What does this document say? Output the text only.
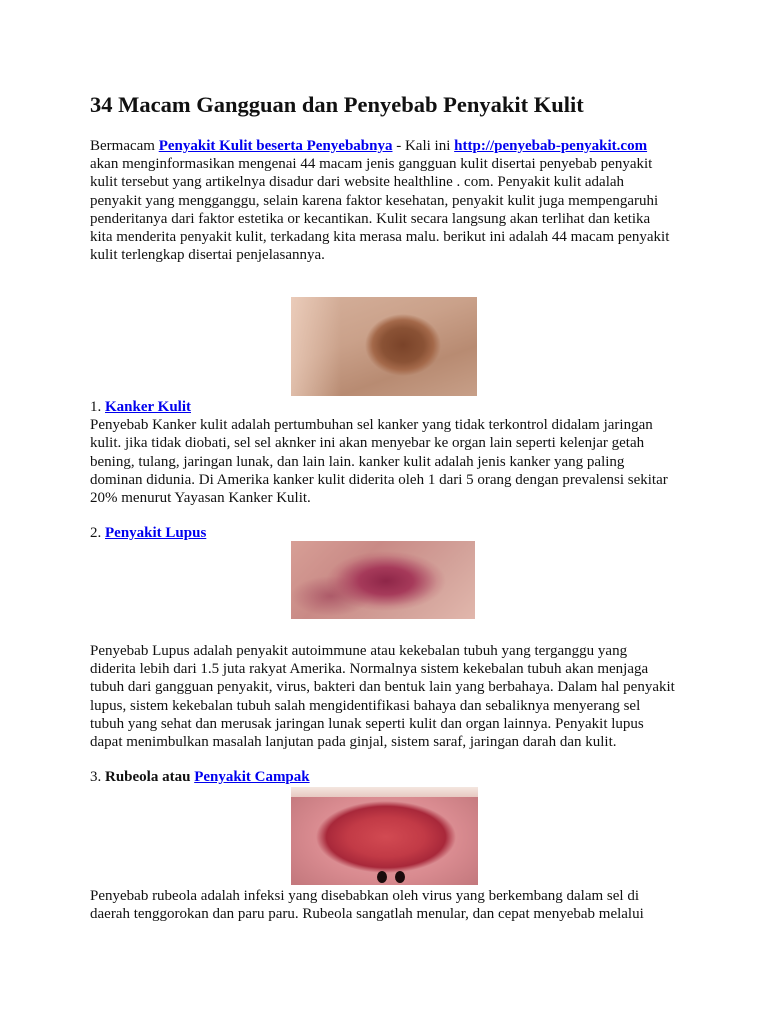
34 Macam Gangguan dan Penyebab Penyakit Kulit
Bermacam Penyakit Kulit beserta Penyebabnya - Kali ini http://penyebab-penyakit.com
akan menginformasikan mengenai 44 macam jenis gangguan kulit disertai penyebab penyakit
kulit tersebut yang artikelnya disadur dari website healthline . com. Penyakit kulit adalah
penyakit yang mengganggu, selain karena faktor kesehatan, penyakit kulit juga mempengaruhi
penderitanya dari faktor estetika or kecantikan. Kulit secara langsung akan terlihat dan ketika
kita menderita penyakit kulit, terkadang kita merasa malu. berikut ini adalah 44 macam penyakit
kulit terlengkap disertai penjelasannya.
1. Kanker Kulit
Penyebab Kanker kulit adalah pertumbuhan sel kanker yang tidak terkontrol didalam jaringan
kulit. jika tidak diobati, sel sel aknker ini akan menyebar ke organ lain seperti kelenjar getah
bening, tulang, jaringan lunak, dan lain lain. kanker kulit adalah jenis kanker yang paling
dominan didunia. Di Amerika kanker kulit diderita oleh 1 dari 5 orang dengan prevalensi sekitar
20% menurut Yayasan Kanker Kulit.
2. Penyakit Lupus
Penyebab Lupus adalah penyakit autoimmune atau kekebalan tubuh yang terganggu yang
diderita lebih dari 1.5 juta rakyat Amerika. Normalnya sistem kekebalan tubuh akan menjaga
tubuh dari gangguan penyakit, virus, bakteri dan bentuk lain yang berbahaya. Dalam hal penyakit
lupus, sistem kekebalan tubuh salah mengidentifikasi bahaya dan sebaliknya menyerang sel
tubuh yang sehat dan merusak jaringan lunak seperti kulit dan organ lainnya. Penyakit lupus
dapat menimbulkan masalah lanjutan pada ginjal, sistem saraf, jaringan darah dan kulit.
3. Rubeola atau Penyakit Campak
Penyebab rubeola adalah infeksi yang disebabkan oleh virus yang berkembang dalam sel di
daerah tenggorokan dan paru paru. Rubeola sangatlah menular, dan cepat menyebab melalui
